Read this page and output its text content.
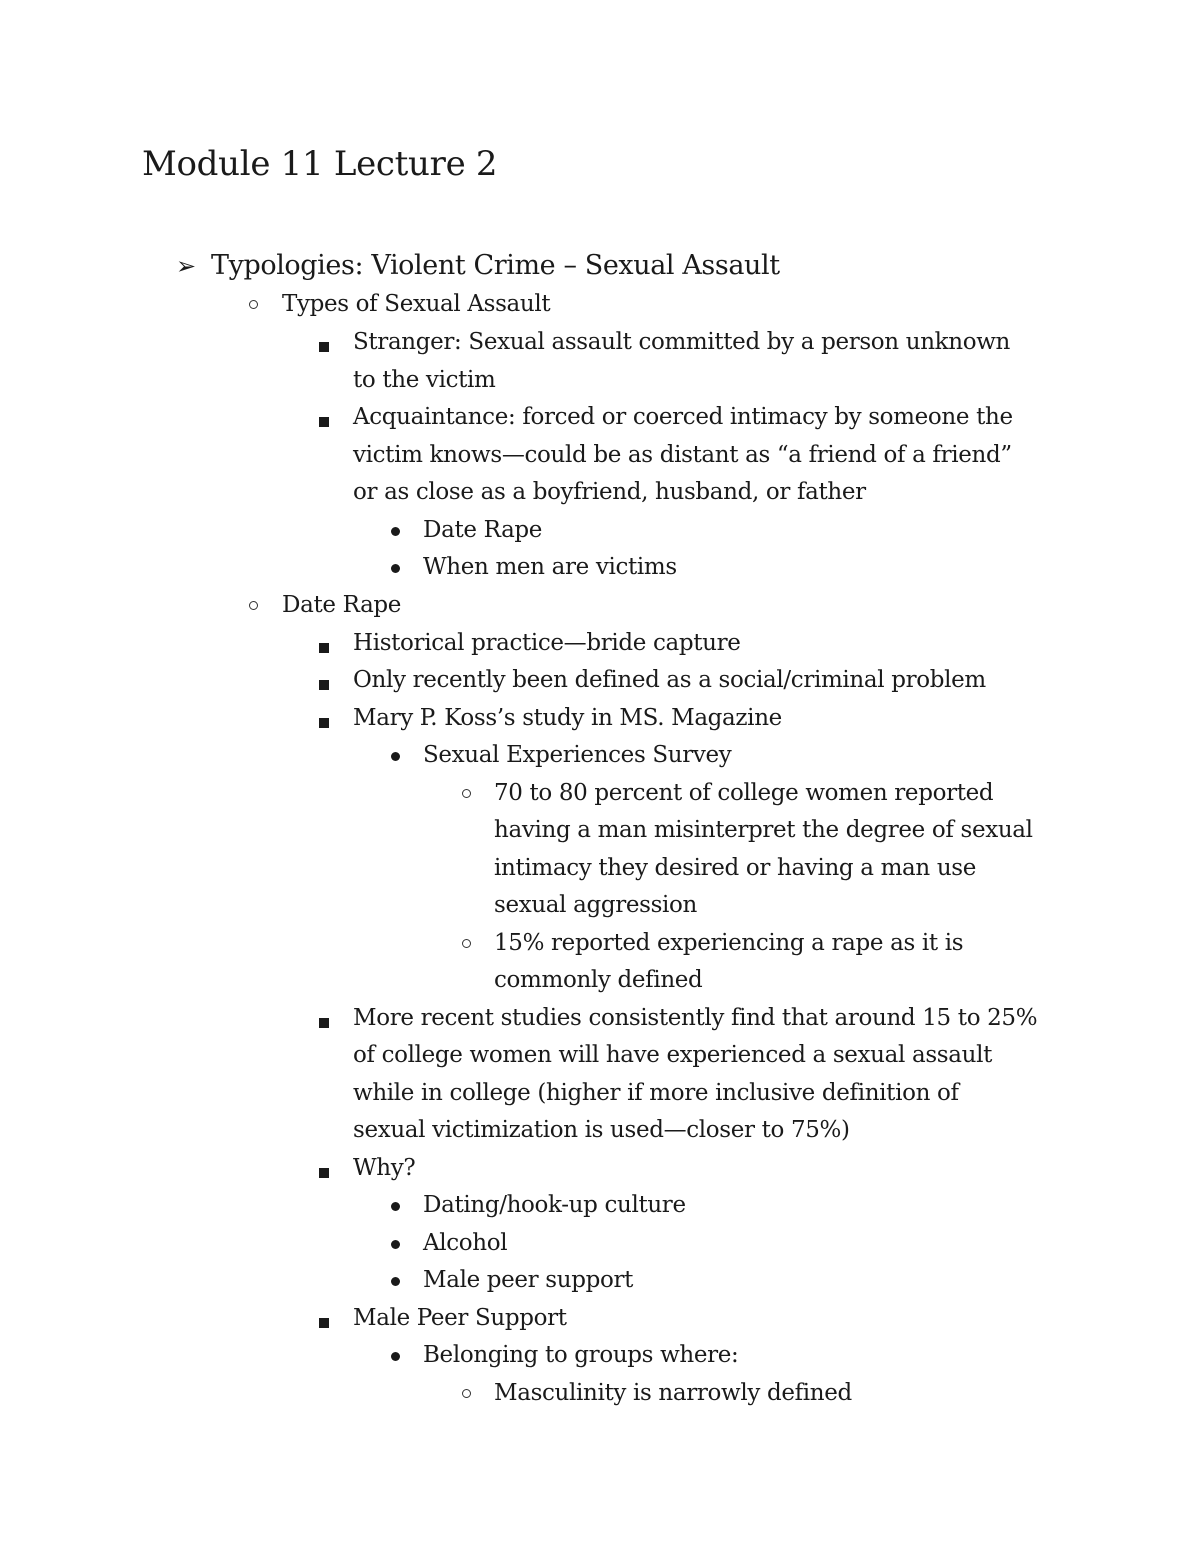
Module 11 Lecture 2
➢ Typologies: Violent Crime – Sexual Assault
Types of Sexual Assault
Stranger: Sexual assault committed by a person unknown
to the victim
Acquaintance: forced or coerced intimacy by someone the
victim knows—could be as distant as “a friend of a friend”
or as close as a boyfriend, husband, or father
Date Rape
When men are victims
Date Rape
Historical practice—bride capture
Only recently been defined as a social/criminal problem
Mary P. Koss’s study in MS. Magazine
Sexual Experiences Survey
70 to 80 percent of college women reported
having a man misinterpret the degree of sexual
intimacy they desired or having a man use
sexual aggression
15% reported experiencing a rape as it is
commonly defined
More recent studies consistently find that around 15 to 25%
of college women will have experienced a sexual assault
while in college (higher if more inclusive definition of
sexual victimization is used—closer to 75%)
Why?
Dating/hook-up culture
Alcohol
Male peer support
Male Peer Support
Belonging to groups where:
Masculinity is narrowly defined
